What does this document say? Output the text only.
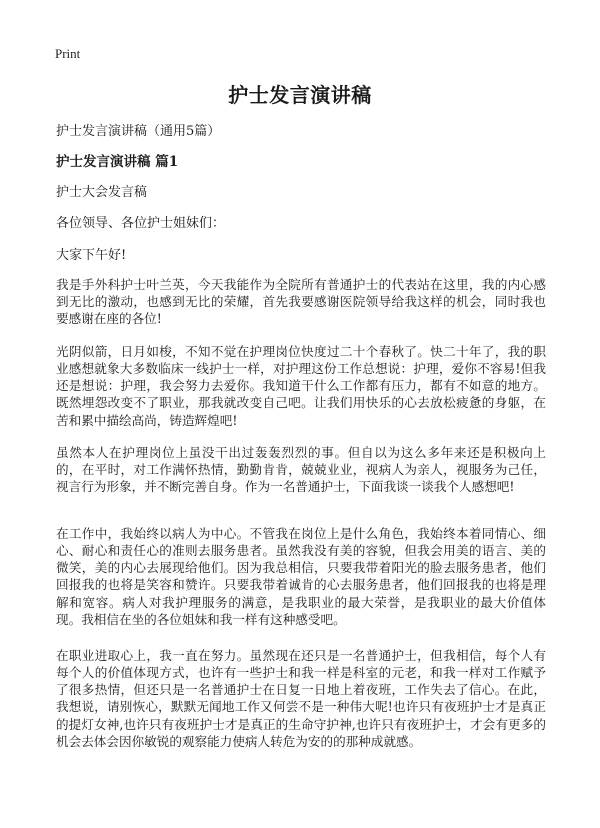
Print
护士发言演讲稿
护士发言演讲稿（通用5篇）
护士发言演讲稿 篇1
护士大会发言稿
各位领导、各位护士姐妹们：
大家下午好!

我是手外科护士叶兰英，今天我能作为全院所有普通护士的代表站在这里，我的内心感到无比的激动，也感到无比的荣耀，首先我要感谢医院领导给我这样的机会，同时我也要感谢在座的各位!

光阴似箭，日月如梭，不知不觉在护理岗位快度过二十个春秋了。快二十年了，我的职业感想就象大多数临床一线护士一样，对护理这份工作总想说：护理，爱你不容易!但我还是想说：护理，我会努力去爱你。我知道干什么工作都有压力，都有不如意的地方。既然埋怨改变不了职业，那我就改变自己吧。让我们用快乐的心去放松疲惫的身躯，在苦和累中描绘高尚，铸造辉煌吧!

虽然本人在护理岗位上虽没干出过轰轰烈烈的事。但自以为这么多年来还是积极向上的，在平时，对工作满怀热情，勤勤肯肯，兢兢业业，视病人为亲人，视服务为己任，视言行为形象，并不断完善自身。作为一名普通护士，下面我谈一谈我个人感想吧!

在工作中，我始终以病人为中心。不管我在岗位上是什么角色，我始终本着同情心、细心、耐心和责任心的准则去服务患者。虽然我没有美的容貌，但我会用美的语言、美的微笑，美的内心去展现给他们。因为我总相信，只要我带着阳光的脸去服务患者，他们回报我的也将是笑容和赞许。只要我带着诚肯的心去服务患者，他们回报我的也将是理解和宽容。病人对我护理服务的满意，是我职业的最大荣誉，是我职业的最大价值体现。我相信在坐的各位姐妹和我一样有这种感受吧。

在职业进取心上，我一直在努力。虽然现在还只是一名普通护士，但我相信，每个人有每个人的价值体现方式，也许有一些护士和我一样是科室的元老，和我一样对工作赋予了很多热情，但还只是一名普通护士在日复一日地上着夜班，工作失去了信心。在此，我想说，请别恢心，默默无闻地工作又何尝不是一种伟大呢!也许只有夜班护士才是真正的提灯女神,也许只有夜班护士才是真正的生命守护神,也许只有夜班护士，才会有更多的机会去体会因你敏锐的观察能力使病人转危为安的的那种成就感。
